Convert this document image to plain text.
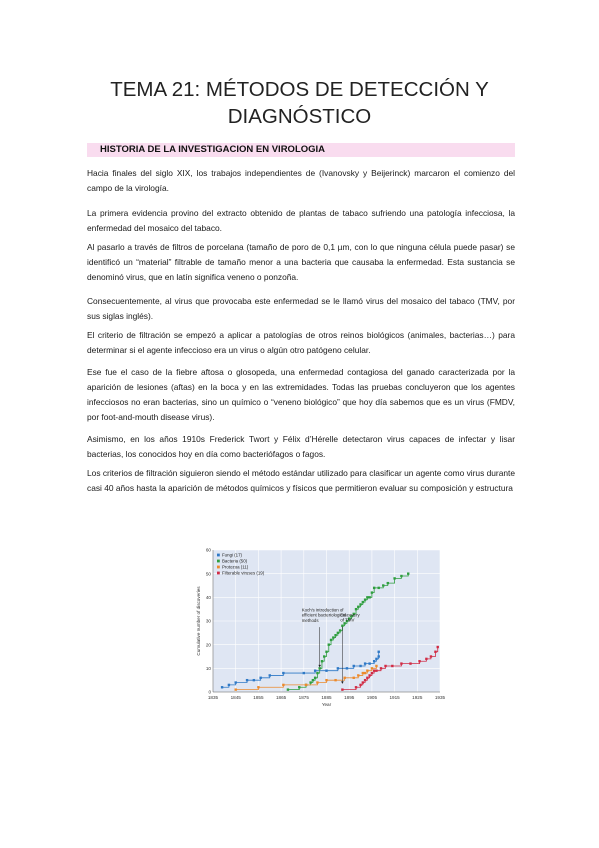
TEMA 21: MÉTODOS DE DETECCIÓN Y
DIAGNÓSTICO
HISTORIA DE LA INVESTIGACION EN VIROLOGIA

Hacia finales del siglo XIX, los trabajos independientes de (Ivanovsky y Beijerinck) marcaron el comienzo del campo de la virología.

La primera evidencia provino del extracto obtenido de plantas de tabaco sufriendo una patología infecciosa, la enfermedad del mosaico del tabaco.

Al pasarlo a través de filtros de porcelana (tamaño de poro de 0,1 µm, con lo que ninguna célula puede pasar) se identificó un “material” filtrable de tamaño menor a una bacteria que causaba la enfermedad. Esta sustancia se denominó virus, que en latín significa veneno o ponzoña.

Consecuentemente, al virus que provocaba este enfermedad se le llamó virus del mosaico del tabaco (TMV, por sus siglas inglés).

El criterio de filtración se empezó a aplicar a patologías de otros reinos biológicos (animales, bacterias…) para determinar si el agente infeccioso era un virus o algún otro patógeno celular.

Ese fue el caso de la fiebre aftosa o glosopeda, una enfermedad contagiosa del ganado caracterizada por la aparición de lesiones (aftas) en la boca y en las extremidades. Todas las pruebas concluyeron que los agentes infecciosos no eran bacterias, sino un químico o “veneno biológico” que hoy día sabemos que es un virus (FMDV, por foot-and-mouth disease virus).

Asimismo, en los años 1910s Frederick Twort y Félix d’Hérelle detectaron virus capaces de infectar y lisar bacterias, los conocidos hoy en día como bacteriófagos o fagos.

Los criterios de filtración siguieron siendo el método estándar utilizado para clasificar un agente como virus durante casi 40 años hasta la aparición de métodos químicos y físicos que permitieron evaluar su composición y estructura

0
10
20
30
40
50
60
1835	1845	1855	1865	1875	1885	1895	1905	1915	1925	1935
Year
Cumulative number of discoveries
Fungi (17)
Bacteria (50)
Protozoa (11)
Filterable viruses (19)
Koch's introduction of
efficient bacteriological
methods
Discovery
of TMV
